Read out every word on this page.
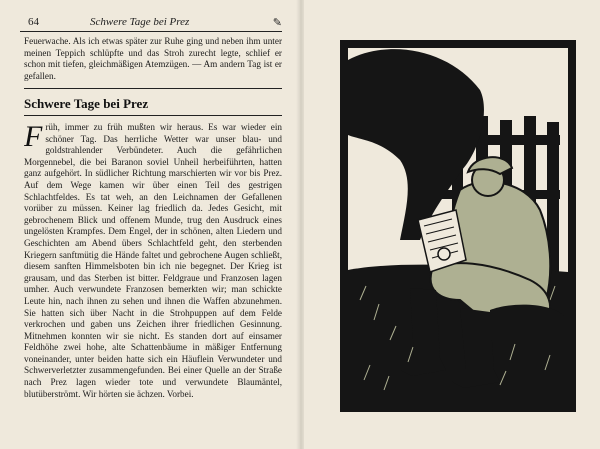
64	Schwere Tage bei Prez	✎
Feuerwache. Als ich etwas später zur Ruhe ging und neben ihm unter meinen Teppich schlüpfte und das Stroh zurecht legte, schlief er schon mit tiefen, gleichmäßigen Atemzügen. — Am andern Tag ist er gefallen.
Schwere Tage bei Prez
Früh, immer zu früh mußten wir heraus. Es war wieder ein schöner Tag. Das herrliche Wetter war unser blau- und goldstrahlender Verbündeter. Auch die gefährlichen Morgennebel, die bei Baranon soviel Unheil herbeiführten, hatten ganz aufgehört. In südlicher Richtung marschierten wir vor bis Prez. Auf dem Wege kamen wir über einen Teil des gestrigen Schlachtfeldes. Es tat weh, an den Leichnamen der Gefallenen vorüber zu müssen. Keiner lag friedlich da. Jedes Gesicht, mit gebrochenem Blick und offenem Munde, trug den Ausdruck eines ungelösten Krampfes. Dem Engel, der in schönen, alten Liedern und Geschichten am Abend übers Schlachtfeld geht, den sterbenden Kriegern sanftmütig die Hände faltet und gebrochene Augen schließt, diesem sanften Himmelsboten bin ich nie begegnet. Der Krieg ist grausam, und das Sterben ist bitter. Feldgraue und Franzosen lagen umher. Auch verwundete Franzosen bemerkten wir; man schickte Leute hin, nach ihnen zu sehen und ihnen die Waffen abzunehmen. Sie hatten sich über Nacht in die Strohpuppen auf dem Felde verkrochen und gaben uns Zeichen ihrer friedlichen Gesinnung. Mitnehmen konnten wir sie nicht. Es standen dort auf einsamer Feldhöhe zwei hohe, alte Schattenbäume in mäßiger Entfernung voneinander, unter beiden hatte sich ein Häuflein Verwundeter und Schwerverletzter zusammengefunden. Bei einer Quelle an der Straße nach Prez lagen wieder tote und verwundete Blaumäntel, blutüberströmt. Wir hörten sie ächzen. Vorbei.
